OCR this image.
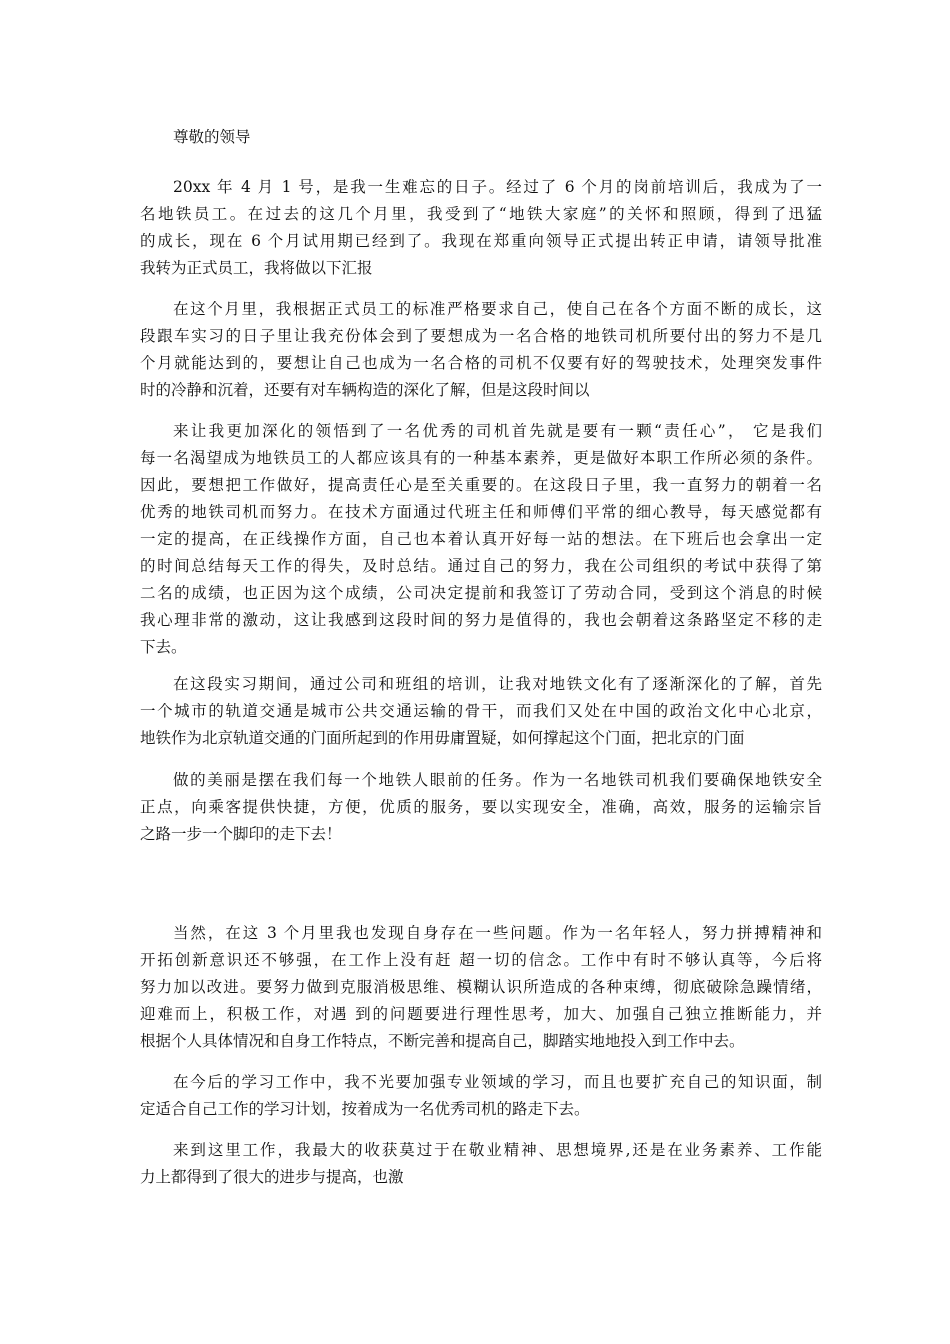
尊敬的领导
20xx 年 4 月 1 号，是我一生难忘的日子。经过了 6 个月的岗前培训后，我成为了一
名地铁员工。在过去的这几个月里，我受到了“地铁大家庭”的关怀和照顾，得到了迅猛
的成长，现在 6 个月试用期已经到了。我现在郑重向领导正式提出转正申请，请领导批准
我转为正式员工，我将做以下汇报
在这个月里，我根据正式员工的标准严格要求自己，使自己在各个方面不断的成长，这
段跟车实习的日子里让我充份体会到了要想成为一名合格的地铁司机所要付出的努力不是几
个月就能达到的，要想让自己也成为一名合格的司机不仅要有好的驾驶技术，处理突发事件
时的冷静和沉着，还要有对车辆构造的深化了解，但是这段时间以
来让我更加深化的领悟到了一名优秀的司机首先就是要有一颗“责任心”， 它是我们
每一名渴望成为地铁员工的人都应该具有的一种基本素养，更是做好本职工作所必须的条件。
因此，要想把工作做好，提高责任心是至关重要的。在这段日子里，我一直努力的朝着一名
优秀的地铁司机而努力。在技术方面通过代班主任和师傅们平常的细心教导，每天感觉都有
一定的提高，在正线操作方面，自己也本着认真开好每一站的想法。在下班后也会拿出一定
的时间总结每天工作的得失，及时总结。通过自己的努力，我在公司组织的考试中获得了第
二名的成绩，也正因为这个成绩，公司决定提前和我签订了劳动合同，受到这个消息的时候
我心理非常的激动，这让我感到这段时间的努力是值得的，我也会朝着这条路坚定不移的走
下去。
在这段实习期间，通过公司和班组的培训，让我对地铁文化有了逐渐深化的了解，首先
一个城市的轨道交通是城市公共交通运输的骨干，而我们又处在中国的政治文化中心北京，
地铁作为北京轨道交通的门面所起到的作用毋庸置疑，如何撑起这个门面，把北京的门面
做的美丽是摆在我们每一个地铁人眼前的任务。作为一名地铁司机我们要确保地铁安全
正点，向乘客提供快捷，方便，优质的服务，要以实现安全，准确，高效，服务的运输宗旨
之路一步一个脚印的走下去！
当然，在这 3 个月里我也发现自身存在一些问题。作为一名年轻人，努力拼搏精神和
开拓创新意识还不够强，在工作上没有赶 超一切的信念。工作中有时不够认真等，今后将
努力加以改进。要努力做到克服消极思维、模糊认识所造成的各种束缚，彻底破除急躁情绪，
迎难而上，积极工作，对遇 到的问题要进行理性思考，加大、加强自己独立推断能力，并
根据个人具体情况和自身工作特点，不断完善和提高自己，脚踏实地地投入到工作中去。
在今后的学习工作中，我不光要加强专业领域的学习，而且也要扩充自己的知识面，制
定适合自己工作的学习计划，按着成为一名优秀司机的路走下去。
来到这里工作，我最大的收获莫过于在敬业精神、思想境界,还是在业务素养、工作能
力上都得到了很大的进步与提高，也激
